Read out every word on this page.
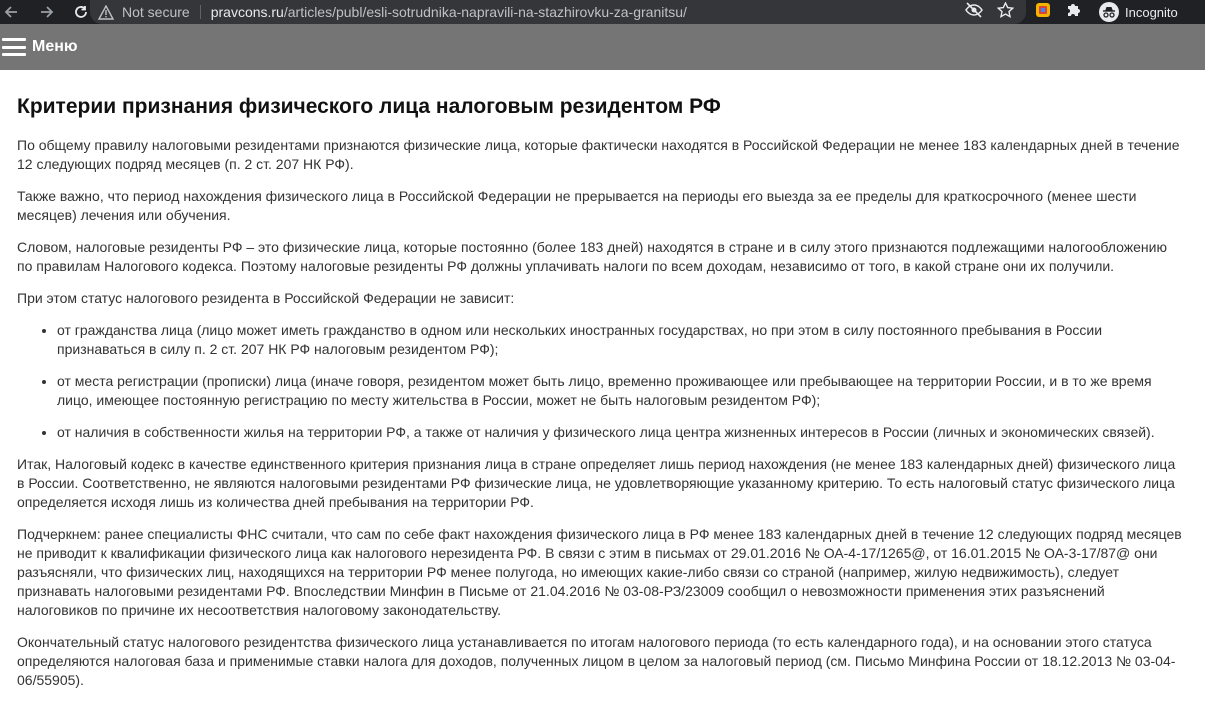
Not secure pravcons.ru/articles/publ/esli-sotrudnika-napravili-na-stazhirovku-za-granitsu/	Incognito
Меню
Критерии признания физического лица налоговым резидентом РФ

По общему правилу налоговыми резидентами признаются физические лица, которые фактически находятся в Российской Федерации не менее 183 календарных дней в течение 12 следующих подряд месяцев (п. 2 ст. 207 НК РФ).

Также важно, что период нахождения физического лица в Российской Федерации не прерывается на периоды его выезда за ее пределы для краткосрочного (менее шести месяцев) лечения или обучения.

Словом, налоговые резиденты РФ – это физические лица, которые постоянно (более 183 дней) находятся в стране и в силу этого признаются подлежащими налогообложению по правилам Налогового кодекса. Поэтому налоговые резиденты РФ должны уплачивать налоги по всем доходам, независимо от того, в какой стране они их получили.

При этом статус налогового резидента в Российской Федерации не зависит:

• от гражданства лица (лицо может иметь гражданство в одном или нескольких иностранных государствах, но при этом в силу постоянного пребывания в России признаваться в силу п. 2 ст. 207 НК РФ налоговым резидентом РФ);
• от места регистрации (прописки) лица (иначе говоря, резидентом может быть лицо, временно проживающее или пребывающее на территории России, и в то же время лицо, имеющее постоянную регистрацию по месту жительства в России, может не быть налоговым резидентом РФ);
• от наличия в собственности жилья на территории РФ, а также от наличия у физического лица центра жизненных интересов в России (личных и экономических связей).

Итак, Налоговый кодекс в качестве единственного критерия признания лица в стране определяет лишь период нахождения (не менее 183 календарных дней) физического лица в России. Соответственно, не являются налоговыми резидентами РФ физические лица, не удовлетворяющие указанному критерию. То есть налоговый статус физического лица определяется исходя лишь из количества дней пребывания на территории РФ.

Подчеркнем: ранее специалисты ФНС считали, что сам по себе факт нахождения физического лица в РФ менее 183 календарных дней в течение 12 следующих подряд месяцев не приводит к квалификации физического лица как налогового нерезидента РФ. В связи с этим в письмах от 29.01.2016 № ОА-4-17/1265@, от 16.01.2015 № ОА-3-17/87@ они разъясняли, что физических лиц, находящихся на территории РФ менее полугода, но имеющих какие-либо связи со страной (например, жилую недвижимость), следует признавать налоговыми резидентами РФ. Впоследствии Минфин в Письме от 21.04.2016 № 03-08-РЗ/23009 сообщил о невозможности применения этих разъяснений налоговиков по причине их несоответствия налоговому законодательству.

Окончательный статус налогового резидентства физического лица устанавливается по итогам налогового периода (то есть календарного года), и на основании этого статуса определяются налоговая база и применимые ставки налога для доходов, полученных лицом в целом за налоговый период (см. Письмо Минфина России от 18.12.2013 № 03-04-06/55905).
